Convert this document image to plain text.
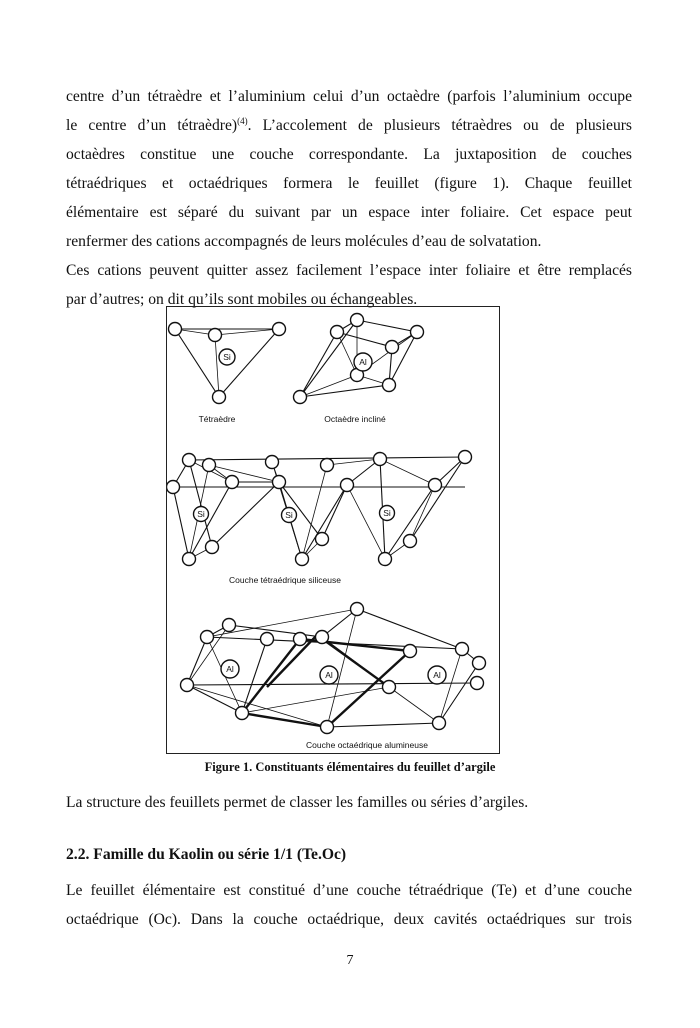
centre d’un tétraèdre et l’aluminium celui d’un octaèdre (parfois l’aluminium occupe
le centre d’un tétraèdre)$^{(4)}$. L’accolement de plusieurs tétraèdres ou de plusieurs
octaèdres constitue une couche correspondante. La juxtaposition de couches
tétraédriques et octaédriques formera le feuillet (figure 1). Chaque feuillet
élémentaire est séparé du suivant par un espace inter foliaire. Cet espace peut
renfermer des cations accompagnés de leurs molécules d’eau de solvatation.
Ces cations peuvent quitter assez facilement l’espace inter foliaire et être remplacés
par d’autres; on dit qu’ils sont mobiles ou échangeables.
Si
Tétraèdre
Al
Octaèdre incliné
Si	Si	Si
Couche tétraédrique siliceuse
Al
Al	Al
Couche octaédrique alumineuse
Figure 1. Constituants élémentaires du feuillet d’argile
La structure des feuillets permet de classer les familles ou séries d’argiles.
2.2. Famille du Kaolin ou série 1/1 (Te.Oc)
Le feuillet élémentaire est constitué d’une couche tétraédrique (Te) et d’une couche
octaédrique (Oc). Dans la couche octaédrique, deux cavités octaédriques sur trois
7
